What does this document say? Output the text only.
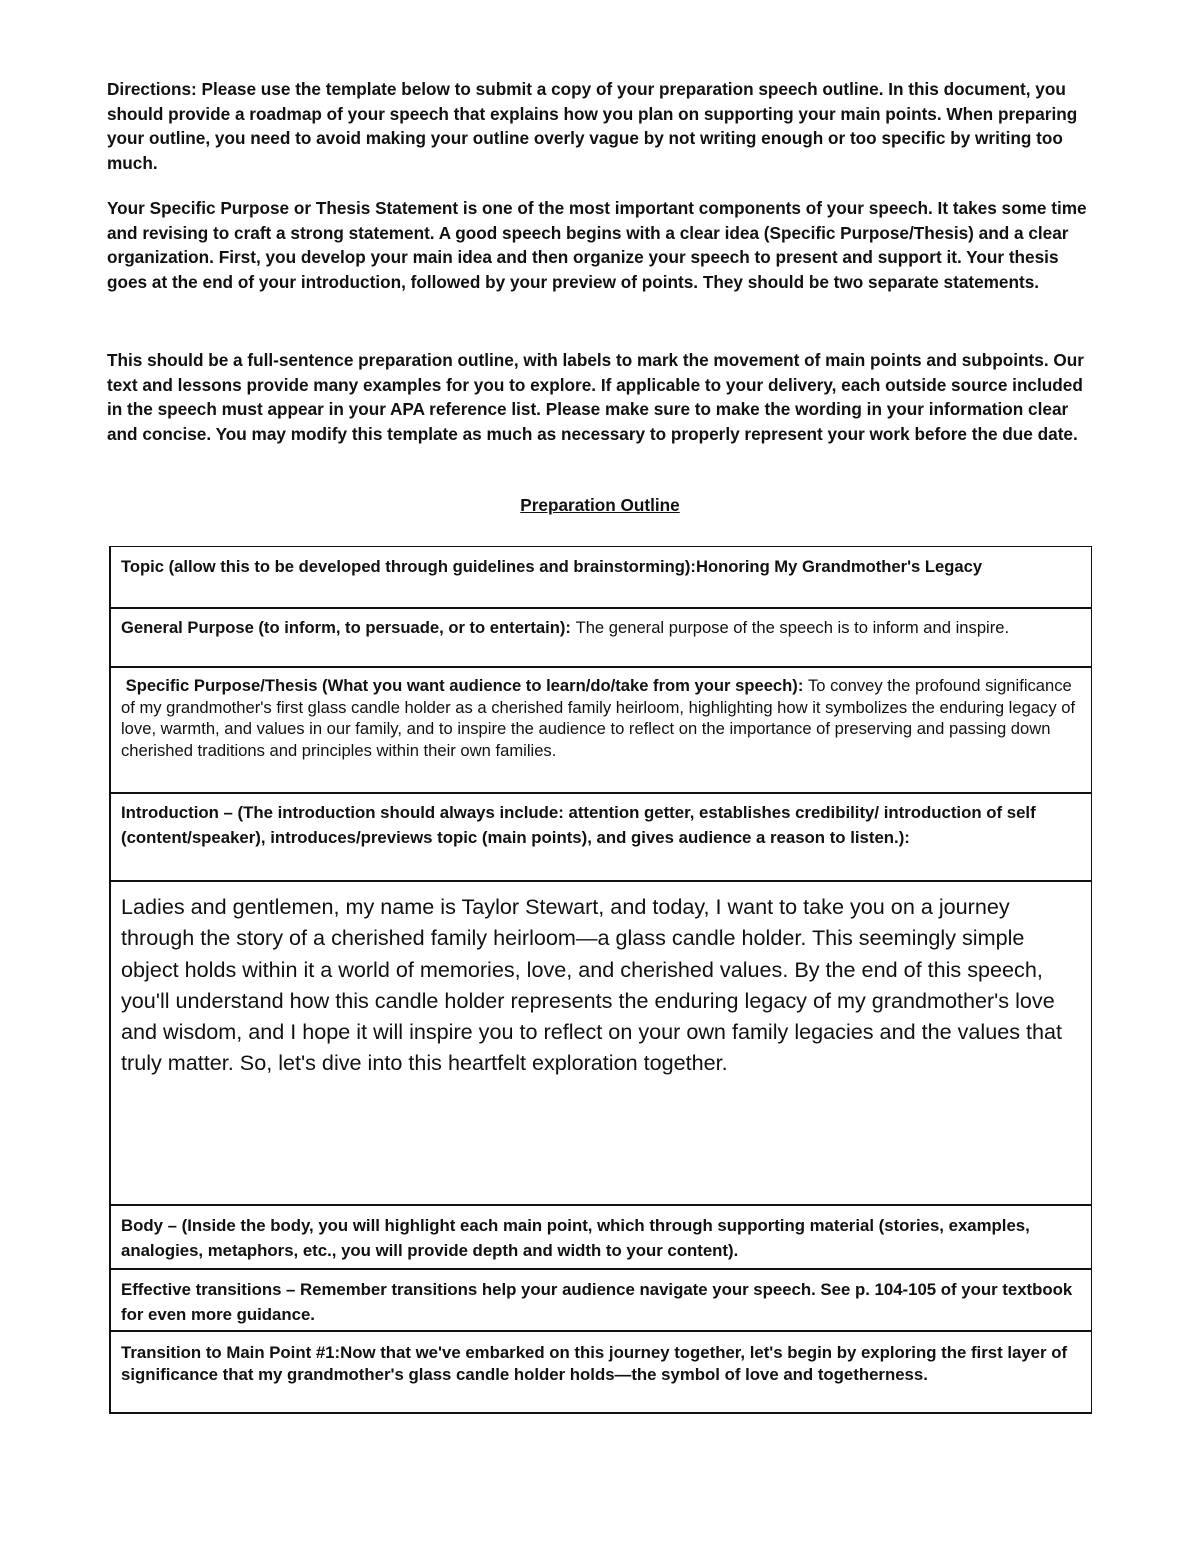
Directions: Please use the template below to submit a copy of your preparation speech outline. In this document, you should provide a roadmap of your speech that explains how you plan on supporting your main points. When preparing your outline, you need to avoid making your outline overly vague by not writing enough or too specific by writing too much.

Your Specific Purpose or Thesis Statement is one of the most important components of your speech. It takes some time and revising to craft a strong statement. A good speech begins with a clear idea (Specific Purpose/Thesis) and a clear organization. First, you develop your main idea and then organize your speech to present and support it. Your thesis goes at the end of your introduction, followed by your preview of points. They should be two separate statements.

This should be a full-sentence preparation outline, with labels to mark the movement of main points and subpoints. Our text and lessons provide many examples for you to explore. If applicable to your delivery, each outside source included in the speech must appear in your APA reference list. Please make sure to make the wording in your information clear and concise. You may modify this template as much as necessary to properly represent your work before the due date.

Preparation Outline

Topic (allow this to be developed through guidelines and brainstorming):Honoring My Grandmother's Legacy
General Purpose (to inform, to persuade, or to entertain): The general purpose of the speech is to inform and inspire.
Specific Purpose/Thesis (What you want audience to learn/do/take from your speech): To convey the profound significance of my grandmother's first glass candle holder as a cherished family heirloom, highlighting how it symbolizes the enduring legacy of love, warmth, and values in our family, and to inspire the audience to reflect on the importance of preserving and passing down cherished traditions and principles within their own families.
Introduction – (The introduction should always include: attention getter, establishes credibility/ introduction of self (content/speaker), introduces/previews topic (main points), and gives audience a reason to listen.):
Ladies and gentlemen, my name is Taylor Stewart, and today, I want to take you on a journey through the story of a cherished family heirloom—a glass candle holder. This seemingly simple object holds within it a world of memories, love, and cherished values. By the end of this speech, you'll understand how this candle holder represents the enduring legacy of my grandmother's love and wisdom, and I hope it will inspire you to reflect on your own family legacies and the values that truly matter. So, let's dive into this heartfelt exploration together.
Body – (Inside the body, you will highlight each main point, which through supporting material (stories, examples, analogies, metaphors, etc., you will provide depth and width to your content).
Effective transitions – Remember transitions help your audience navigate your speech. See p. 104-105 of your textbook for even more guidance.
Transition to Main Point #1:Now that we've embarked on this journey together, let's begin by exploring the first layer of significance that my grandmother's glass candle holder holds—the symbol of love and togetherness.
